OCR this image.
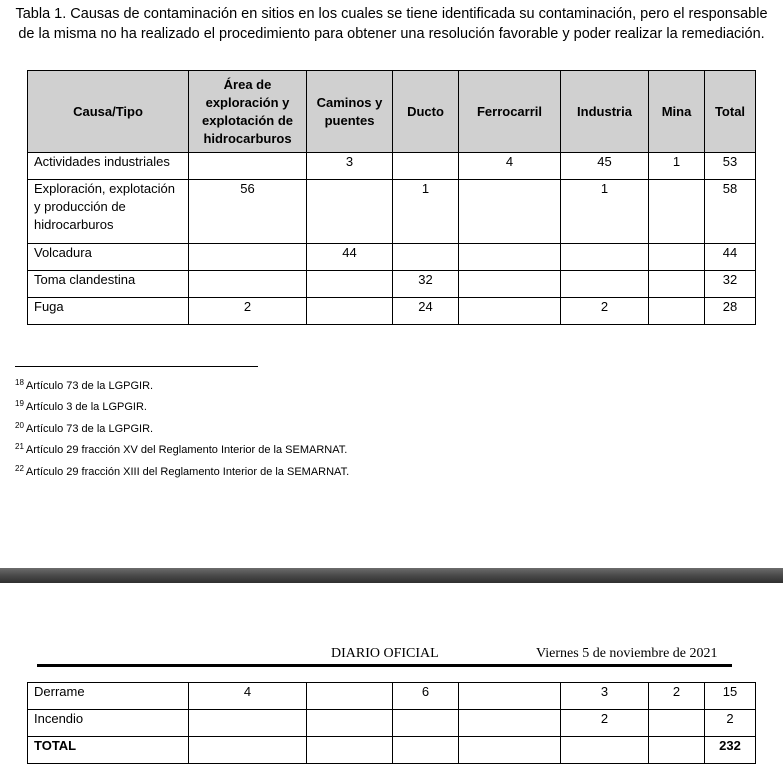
Tabla 1. Causas de contaminación en sitios en los cuales se tiene identificada su contaminación, pero el responsable de la misma no ha realizado el procedimiento para obtener una resolución favorable y poder realizar la remediación.
Causa/Tipo	Área de exploración y explotación de hidrocarburos	Caminos y puentes	Ducto	Ferrocarril	Industria	Mina	Total
Actividades industriales		3		4	45	1	53
Exploración, explotación y producción de hidrocarburos	56		1		1		58
Volcadura		44					44
Toma clandestina			32				32
Fuga	2		24		2		28
$^{18}$ Artículo 73 de la LGPGIR.
$^{19}$ Artículo 3 de la LGPGIR.
$^{20}$ Artículo 73 de la LGPGIR.
$^{21}$ Artículo 29 fracción XV del Reglamento Interior de la SEMARNAT.
$^{22}$ Artículo 29 fracción XIII del Reglamento Interior de la SEMARNAT.
DIARIO OFICIAL	Viernes 5 de noviembre de 2021
Derrame	4		6		3	2	15
Incendio					2		2
TOTAL							232
